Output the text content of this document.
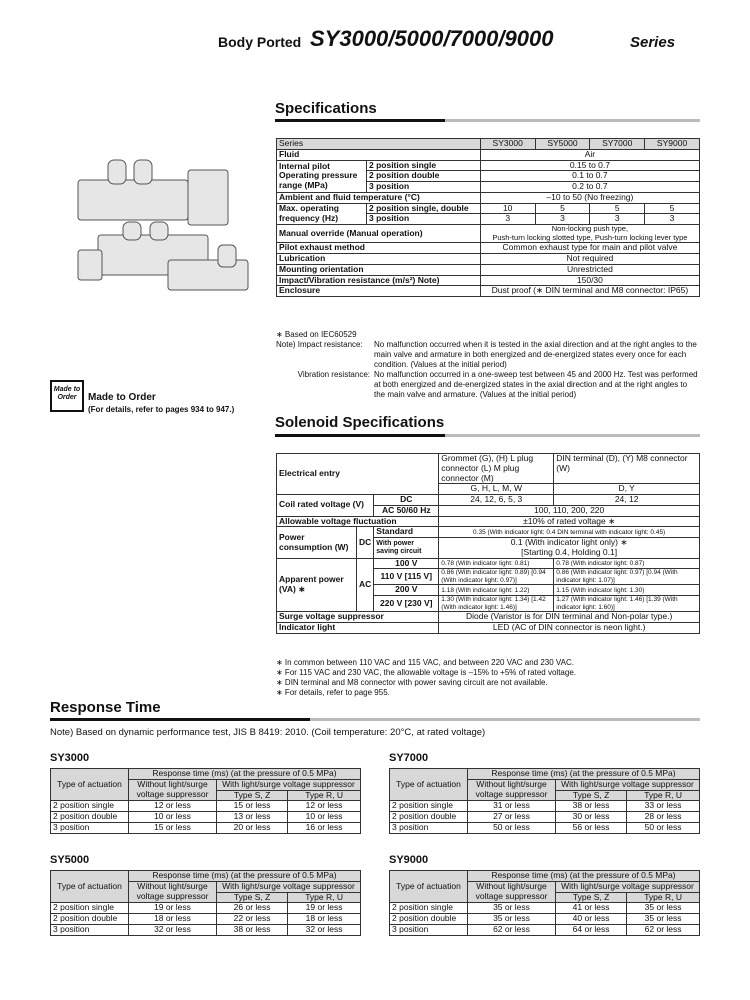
Body Ported SY3000/5000/7000/9000	Series
Specifications
Series		SY3000	SY5000	SY7000	SY9000
Fluid		Air			
Internal pilot Operating pressure range (MPa)	2 position single	0.15 to 0.7			
	2 position double	0.1 to 0.7			
	3 position	0.2 to 0.7			
Ambient and fluid temperature (°C)		–10 to 50 (No freezing)			
Max. operating frequency (Hz)	2 position single, double	10	5	5	5
	3 position	3	3	3	3
Manual override (Manual operation)		Non-locking push type,
Push-turn locking slotted type, Push-turn locking lever type			

Pilot exhaust method		Common exhaust type for main and pilot valve			
Lubrication		Not required			
Mounting orientation		Unrestricted			
Impact/Vibration resistance (m/s²) Note)		150/30			
Enclosure		Dust proof (∗ DIN terminal and M8 connector: IP65)			
∗ Based on IEC60529
Note) Impact resistance:	No malfunction occurred when it is tested in the axial direction and at the right angles to the main valve and armature in both energized and de-energized states every once for each condition. (Values at the initial period)
Vibration resistance: No malfunction occurred in a one-sweep test between 45 and 2000 Hz. Test was performed at both energized and de-energized states in the axial direction and at the right angles to the main valve and armature. (Values at the initial period)
Made to Order	Made to Order
(For details, refer to pages 934 to 947.)
Solenoid Specifications
Electrical entry			Grommet (G), (H) L plug connector (L) M plug connector (M)	DIN terminal (D), (Y) M8 connector (W)
			G, H, L, M, W	D, Y
Coil rated voltage (V)		DC	24, 12, 6, 5, 3	24, 12
		AC 50/60 Hz	100, 110, 200, 220	
Allowable voltage fluctuation			±10% of rated voltage ∗	
Power consumption (W)	DC	Standard	0.35 (With indicator light: 0.4 DIN terminal with indicator light: 0.45)	
		With power saving circuit	0.1 (With indicator light only) ∗
[Starting 0.4, Holding 0.1]	

Apparent power (VA) ∗	AC	100 V	0.78 (With indicator light: 0.81)	0.78 (With indicator light: 0.87)
		110 V [115 V]	0.86 (With indicator light: 0.89) [0.94 (With indicator light: 0.97)]	0.86 (With indicator light: 0.97) [0.94 (With indicator light: 1.07)]
		200 V	1.18 (With indicator light: 1.22)	1.15 (With indicator light: 1.30)
		220 V [230 V]	1.30 (With indicator light: 1.34) [1.42 (With indicator light: 1.46)]	1.27 (With indicator light: 1.46) [1.39 (With indicator light: 1.60)]
Surge voltage suppressor			Diode (Varistor is for DIN terminal and Non-polar type.)	
Indicator light			LED (AC of DIN connector is neon light.)	
∗ In common between 110 VAC and 115 VAC, and between 220 VAC and 230 VAC.
∗ For 115 VAC and 230 VAC, the allowable voltage is –15% to +5% of rated voltage.
∗ DIN terminal and M8 connector with power saving circuit are not available.
∗ For details, refer to page 955.
Response Time
Note) Based on dynamic performance test, JIS B 8419: 2010. (Coil temperature: 20°C, at rated voltage)
SY3000
Type of actuation	Response time (ms) (at the pressure of 0.5 MPa)		
	Without light/surge voltage suppressor	With light/surge voltage suppressor	
		Type S, Z	Type R, U
2 position single	12 or less	15 or less	12 or less
2 position double	10 or less	13 or less	10 or less
3 position	15 or less	20 or less	16 or less
SY7000
Type of actuation	Response time (ms) (at the pressure of 0.5 MPa)		
	Without light/surge voltage suppressor	With light/surge voltage suppressor	
		Type S, Z	Type R, U
2 position single	31 or less	38 or less	33 or less
2 position double	27 or less	30 or less	28 or less
3 position	50 or less	56 or less	50 or less
SY5000
Type of actuation	Response time (ms) (at the pressure of 0.5 MPa)		
	Without light/surge voltage suppressor	With light/surge voltage suppressor	
		Type S, Z	Type R, U
2 position single	19 or less	26 or less	19 or less
2 position double	18 or less	22 or less	18 or less
3 position	32 or less	38 or less	32 or less
SY9000
Type of actuation	Response time (ms) (at the pressure of 0.5 MPa)		
	Without light/surge voltage suppressor	With light/surge voltage suppressor	
		Type S, Z	Type R, U
2 position single	35 or less	41 or less	35 or less
2 position double	35 or less	40 or less	35 or less
3 position	62 or less	64 or less	62 or less
